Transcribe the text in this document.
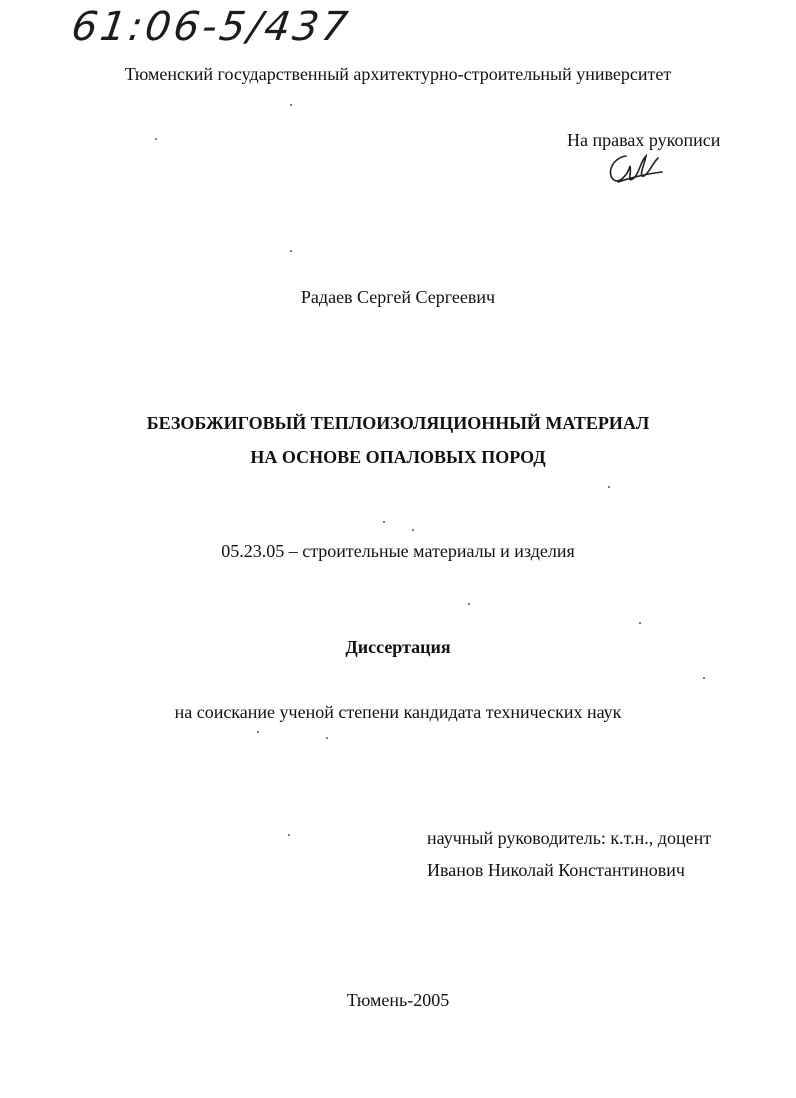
61:06-5/437
Тюменский государственный архитектурно-строительный университет
На правах рукописи
Радаев Сергей Сергеевич
БЕЗОБЖИГОВЫЙ ТЕПЛОИЗОЛЯЦИОННЫЙ МАТЕРИАЛ
НА ОСНОВЕ ОПАЛОВЫХ ПОРОД
05.23.05 – строительные материалы и изделия
Диссертация
на соискание ученой степени кандидата технических наук
научный руководитель: к.т.н., доцент
Иванов Николай Константинович
Тюмень-2005
